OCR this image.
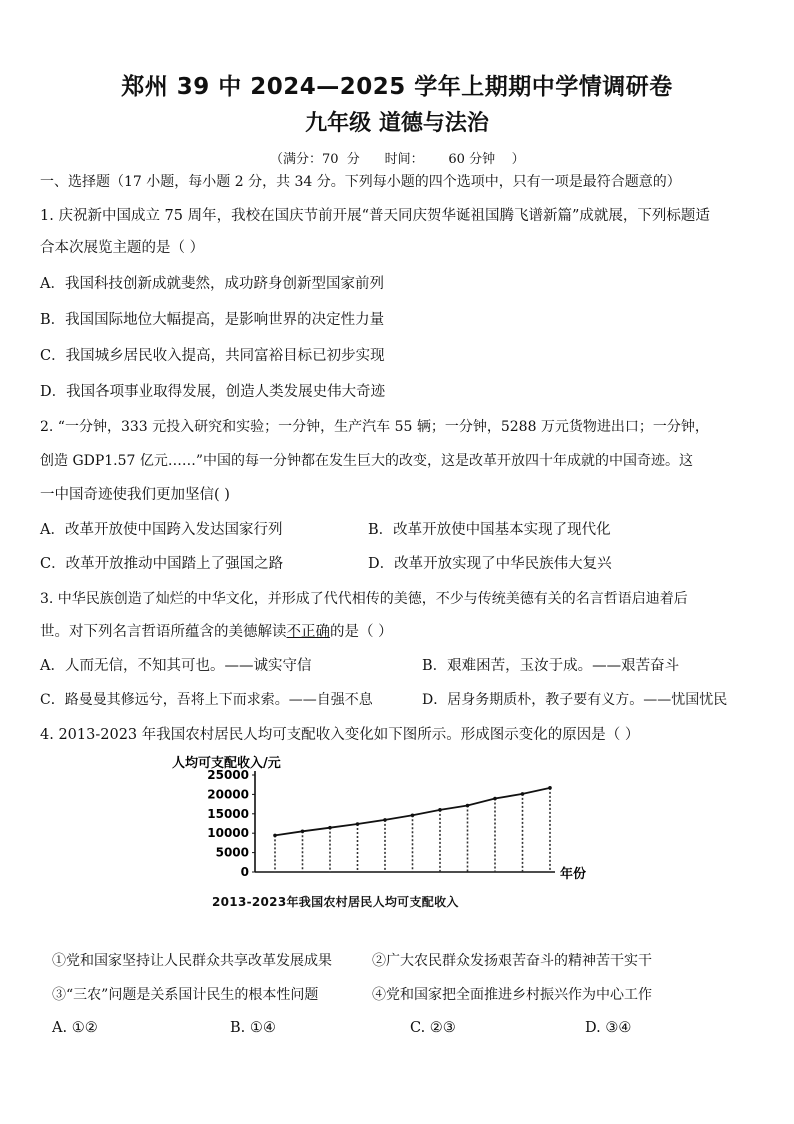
郑州 39 中 2024—2025 学年上期期中学情调研卷
九年级 道德与法治
（满分：70  分      时间：      60 分钟    ）
一、选择题（17 小题，每小题 2 分，共 34 分。下列每小题的四个选项中，只有一项是最符合题意的）
1. 庆祝新中国成立 75 周年，我校在国庆节前开展“普天同庆贺华诞祖国腾飞谱新篇”成就展，下列标题适
合本次展览主题的是（ ）
A．我国科技创新成就斐然，成功跻身创新型国家前列
B．我国国际地位大幅提高，是影响世界的决定性力量
C．我国城乡居民收入提高，共同富裕目标已初步实现
D．我国各项事业取得发展，创造人类发展史伟大奇迹
2. “一分钟，333 元投入研究和实验；一分钟，生产汽车 55 辆；一分钟，5288 万元货物进出口；一分钟，
创造 GDP1.57 亿元……”中国的每一分钟都在发生巨大的改变，这是改革开放四十年成就的中国奇迹。这
一中国奇迹使我们更加坚信( )
A．改革开放使中国跨入发达国家行列	B．改革开放使中国基本实现了现代化
C．改革开放推动中国踏上了强国之路	D．改革开放实现了中华民族伟大复兴
3. 中华民族创造了灿烂的中华文化，并形成了代代相传的美德，不少与传统美德有关的名言哲语启迪着后
世。对下列名言哲语所蕴含的美德解读不正确的是（ ）
A．人而无信，不知其可也。——诚实守信	B．艰难困苦，玉汝于成。——艰苦奋斗
C．路曼曼其修远兮，吾将上下而求索。——自强不息	D．居身务期质朴，教子要有义方。——忧国忧民
4. 2013-2023 年我国农村居民人均可支配收入变化如下图所示。形成图示变化的原因是（ ）
人均可支配收入/元
25000
20000
15000
10000
5000
0	年份
2013-2023年我国农村居民人均可支配收入
①党和国家坚持让人民群众共享改革发展成果	②广大农民群众发扬艰苦奋斗的精神苦干实干
③“三农”问题是关系国计民生的根本性问题	④党和国家把全面推进乡村振兴作为中心工作
A. ①②	B. ①④	C. ②③	D. ③④
